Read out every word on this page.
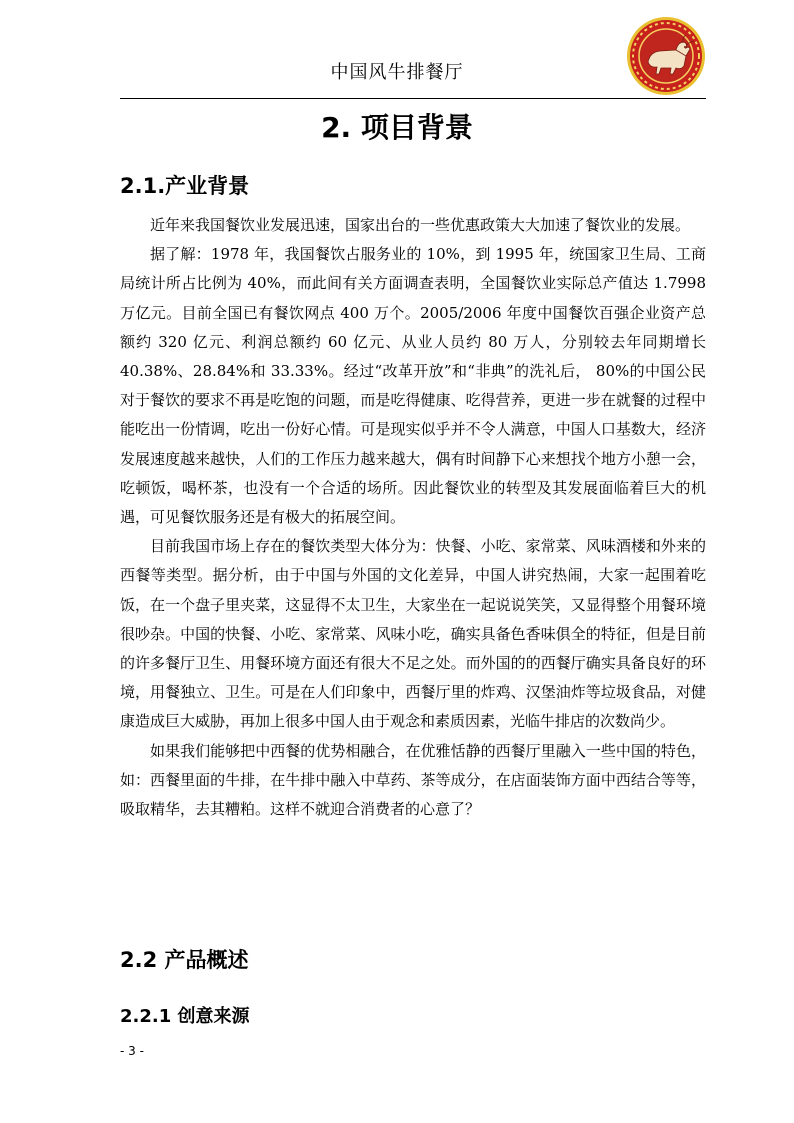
中国风牛排餐厅
2. 项目背景
2.1.产业背景

近年来我国餐饮业发展迅速，国家出台的一些优惠政策大大加速了餐饮业的发展。

据了解：1978 年，我国餐饮占服务业的 10%，到 1995 年，统国家卫生局、工商局统计所占比例为 40%，而此间有关方面调查表明，全国餐饮业实际总产值达 1.7998 万亿元。目前全国已有餐饮网点 400 万个。2005/2006 年度中国餐饮百强企业资产总额约 320 亿元、利润总额约 60 亿元、从业人员约 80 万人，分别较去年同期增长 40.38%、28.84%和 33.33%。经过“改革开放”和“非典”的洗礼后， 80%的中国公民对于餐饮的要求不再是吃饱的问题，而是吃得健康、吃得营养，更进一步在就餐的过程中能吃出一份情调，吃出一份好心情。可是现实似乎并不令人满意，中国人口基数大，经济发展速度越来越快，人们的工作压力越来越大，偶有时间静下心来想找个地方小憩一会，吃顿饭，喝杯茶，也没有一个合适的场所。因此餐饮业的转型及其发展面临着巨大的机遇，可见餐饮服务还是有极大的拓展空间。

目前我国市场上存在的餐饮类型大体分为：快餐、小吃、家常菜、风味酒楼和外来的西餐等类型。据分析，由于中国与外国的文化差异，中国人讲究热闹，大家一起围着吃饭，在一个盘子里夹菜，这显得不太卫生，大家坐在一起说说笑笑，又显得整个用餐环境很吵杂。中国的快餐、小吃、家常菜、风味小吃，确实具备色香味俱全的特征，但是目前的许多餐厅卫生、用餐环境方面还有很大不足之处。而外国的的西餐厅确实具备良好的环境，用餐独立、卫生。可是在人们印象中，西餐厅里的炸鸡、汉堡油炸等垃圾食品，对健康造成巨大威胁，再加上很多中国人由于观念和素质因素，光临牛排店的次数尚少。

如果我们能够把中西餐的优势相融合，在优雅恬静的西餐厅里融入一些中国的特色，如：西餐里面的牛排，在牛排中融入中草药、茶等成分，在店面装饰方面中西结合等等，吸取精华，去其糟粕。这样不就迎合消费者的心意了？

2.2 产品概述
2.2.1 创意来源
- 3 -
